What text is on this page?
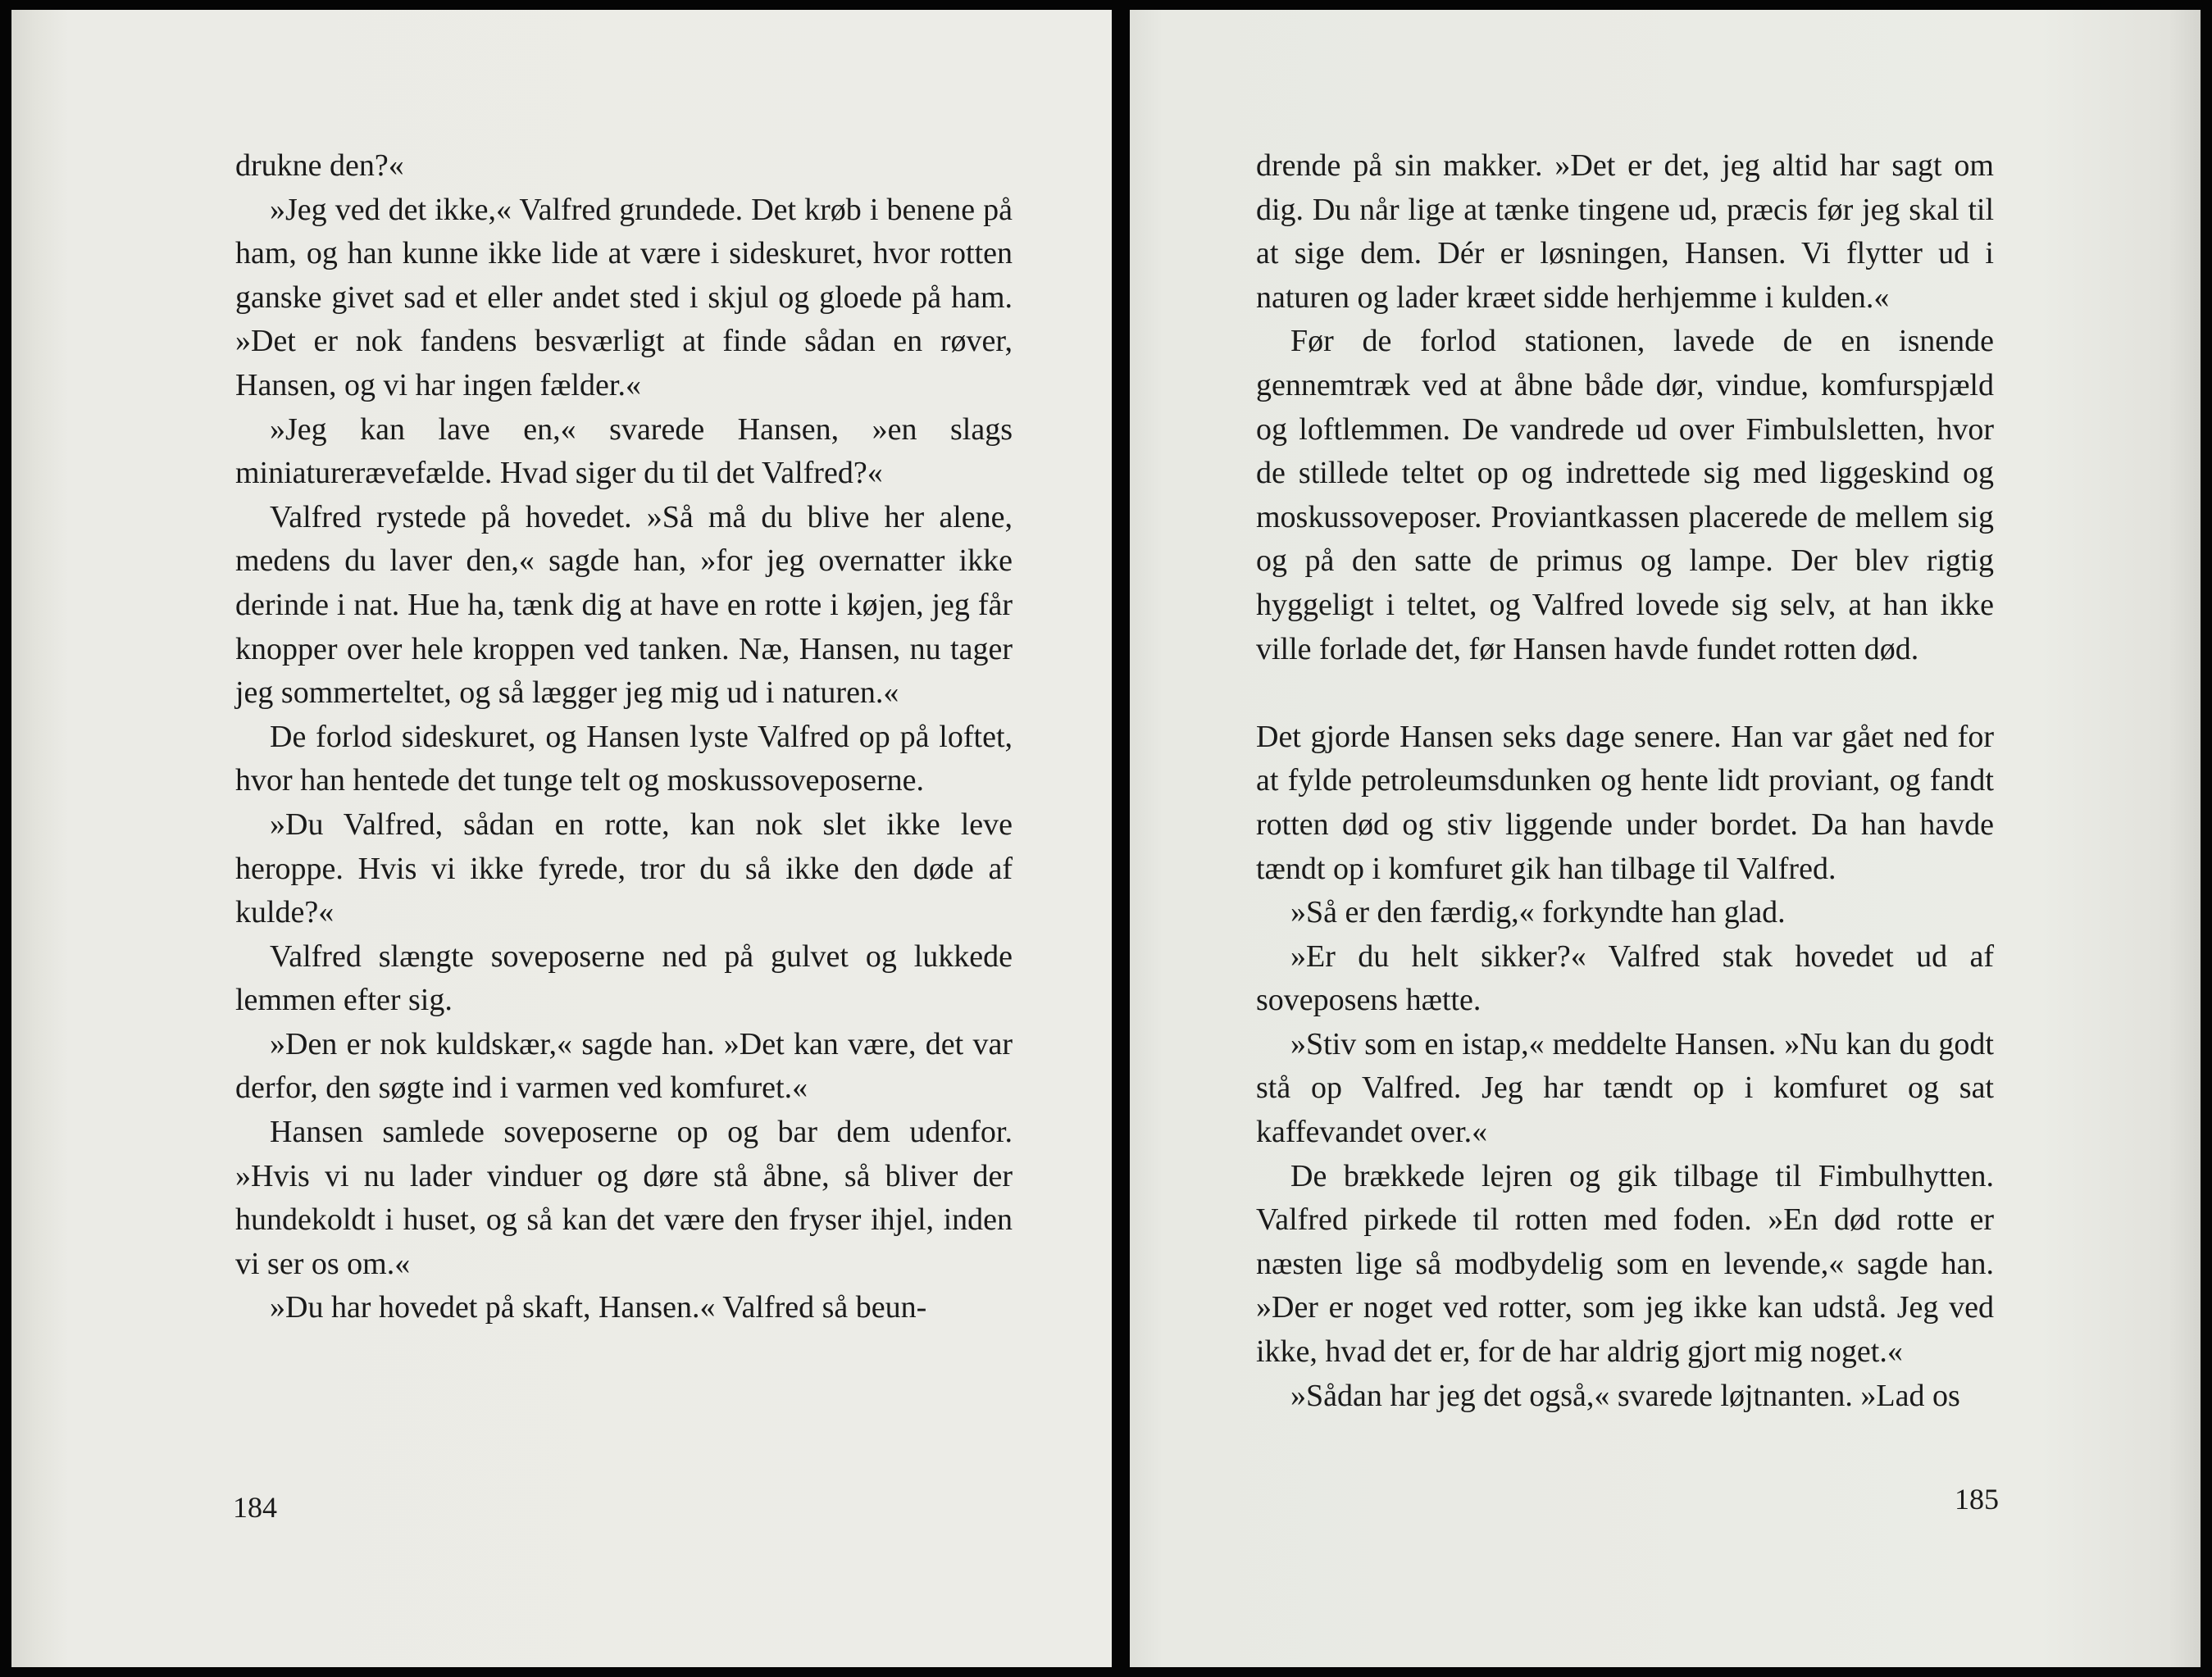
drukne den?«

»Jeg ved det ikke,« Valfred grundede. Det krøb i benene på ham, og han kunne ikke lide at være i sideskuret, hvor rotten ganske givet sad et eller andet sted i skjul og gloede på ham. »Det er nok fandens besværligt at finde sådan en røver, Hansen, og vi har ingen fælder.«

»Jeg kan lave en,« svarede Hansen, »en slags miniaturerævefælde. Hvad siger du til det Valfred?«

Valfred rystede på hovedet. »Så må du blive her alene, medens du laver den,« sagde han, »for jeg overnatter ikke derinde i nat. Hue ha, tænk dig at have en rotte i køjen, jeg får knopper over hele kroppen ved tanken. Næ, Hansen, nu tager jeg sommerteltet, og så lægger jeg mig ud i naturen.«

De forlod sideskuret, og Hansen lyste Valfred op på loftet, hvor han hentede det tunge telt og moskussoveposerne.

»Du Valfred, sådan en rotte, kan nok slet ikke leve heroppe. Hvis vi ikke fyrede, tror du så ikke den døde af kulde?«

Valfred slængte soveposerne ned på gulvet og lukkede lemmen efter sig.

»Den er nok kuldskær,« sagde han. »Det kan være, det var derfor, den søgte ind i varmen ved komfuret.«

Hansen samlede soveposerne op og bar dem udenfor. »Hvis vi nu lader vinduer og døre stå åbne, så bliver der hundekoldt i huset, og så kan det være den fryser ihjel, inden vi ser os om.«

»Du har hovedet på skaft, Hansen.« Valfred så beun-

184

drende på sin makker. »Det er det, jeg altid har sagt om dig. Du når lige at tænke tingene ud, præcis før jeg skal til at sige dem. Dér er løsningen, Hansen. Vi flytter ud i naturen og lader kræet sidde herhjemme i kulden.«

Før de forlod stationen, lavede de en isnende gennemtræk ved at åbne både dør, vindue, komfurspjæld og loftlemmen. De vandrede ud over Fimbulsletten, hvor de stillede teltet op og indrettede sig med liggeskind og moskussoveposer. Proviantkassen placerede de mellem sig og på den satte de primus og lampe. Der blev rigtig hyggeligt i teltet, og Valfred lovede sig selv, at han ikke ville forlade det, før Hansen havde fundet rotten død.

Det gjorde Hansen seks dage senere. Han var gået ned for at fylde petroleumsdunken og hente lidt proviant, og fandt rotten død og stiv liggende under bordet. Da han havde tændt op i komfuret gik han tilbage til Valfred.

»Så er den færdig,« forkyndte han glad.

»Er du helt sikker?« Valfred stak hovedet ud af soveposens hætte.

»Stiv som en istap,« meddelte Hansen. »Nu kan du godt stå op Valfred. Jeg har tændt op i komfuret og sat kaffevandet over.«

De brækkede lejren og gik tilbage til Fimbulhytten. Valfred pirkede til rotten med foden. »En død rotte er næsten lige så modbydelig som en levende,« sagde han. »Der er noget ved rotter, som jeg ikke kan udstå. Jeg ved ikke, hvad det er, for de har aldrig gjort mig noget.«

»Sådan har jeg det også,« svarede løjtnanten. »Lad os

185
